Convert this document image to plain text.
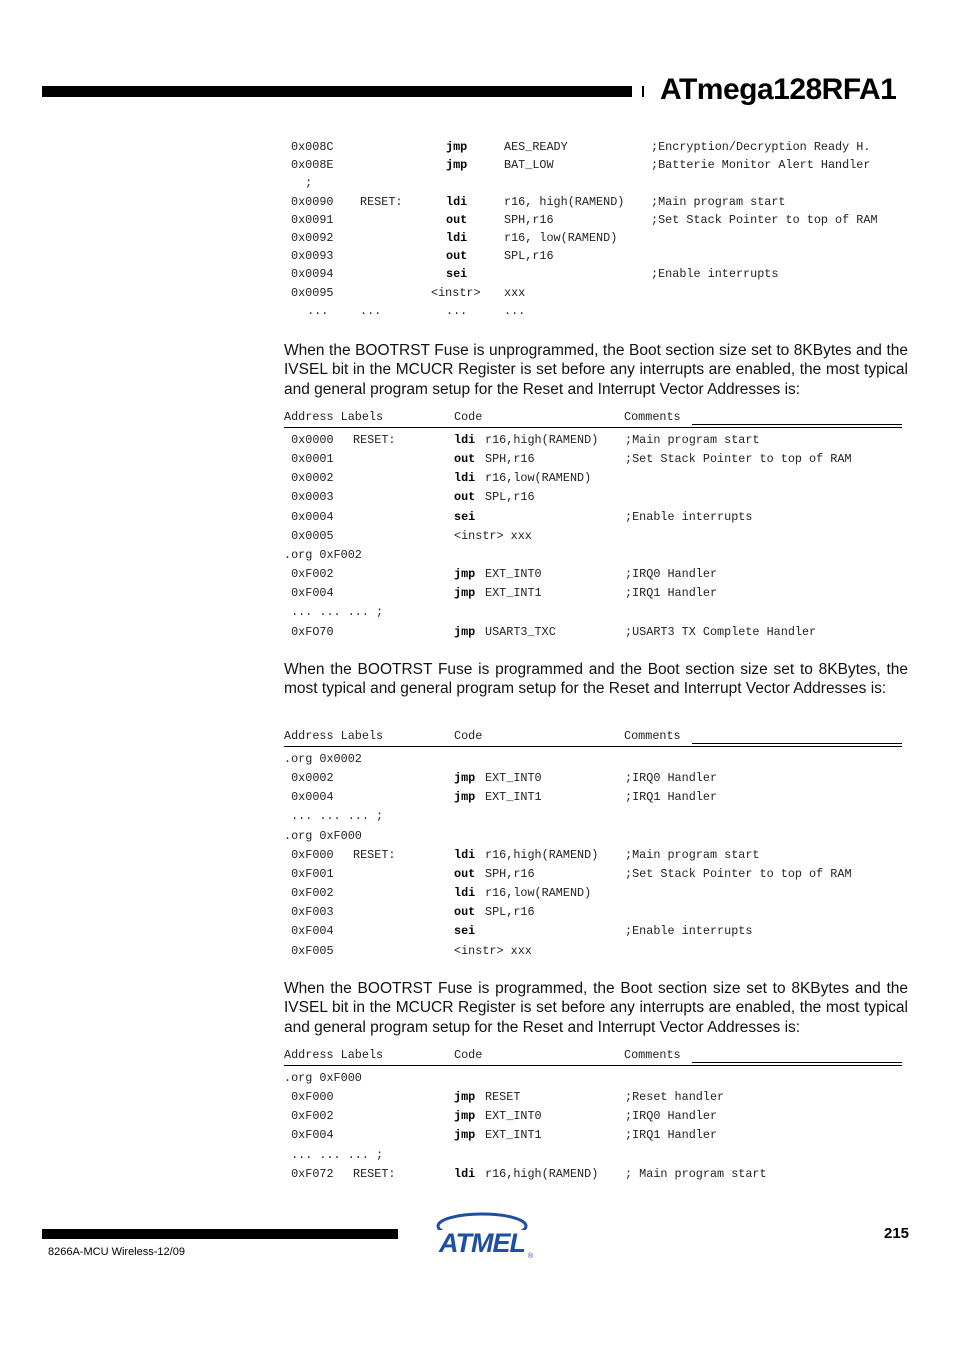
ATmega128RFA1
0x008C	jmp	AES_READY	;Encryption/Decryption Ready H.
0x008E	jmp	BAT_LOW	;Batterie Monitor Alert Handler
;
0x0090 RESET:	ldi	r16, high(RAMEND) ;Main program start
0x0091	out	SPH,r16	;Set Stack Pointer to top of RAM
0x0092	ldi	r16, low(RAMEND)
0x0093	out	SPL,r16
0x0094	sei	;Enable interrupts
0x0095	<instr> xxx
...	...	...	...
When the BOOTRST Fuse is unprogrammed, the Boot section size set to 8KBytes and the IVSEL bit in the MCUCR Register is set before any interrupts are enabled, the most typical and general program setup for the Reset and Interrupt Vector Addresses is:
Address Labels	Code	Comments
0x0000 RESET:	ldi r16,high(RAMEND) ;Main program start
0x0001	out SPH,r16	;Set Stack Pointer to top of RAM
0x0002	ldi r16,low(RAMEND)
0x0003	out SPL,r16
0x0004	sei	;Enable interrupts
0x0005	<instr> xxx
.org 0xF002
0xF002	jmp EXT_INT0	;IRQ0 Handler
0xF004	jmp EXT_INT1	;IRQ1 Handler
... ... ... ;
0xFO70	jmp USART3_TXC	;USART3 TX Complete Handler
When the BOOTRST Fuse is programmed and the Boot section size set to 8KBytes, the most typical and general program setup for the Reset and Interrupt Vector Addresses is:
Address Labels	Code	Comments
.org 0x0002
0x0002	jmp EXT_INT0	;IRQ0 Handler
0x0004	jmp EXT_INT1	;IRQ1 Handler
... ... ... ;
.org 0xF000
0xF000 RESET:	ldi r16,high(RAMEND) ;Main program start
0xF001	out SPH,r16	;Set Stack Pointer to top of RAM
0xF002	ldi r16,low(RAMEND)
0xF003	out SPL,r16
0xF004	sei	;Enable interrupts
0xF005	<instr> xxx
When the BOOTRST Fuse is programmed, the Boot section size set to 8KBytes and the IVSEL bit in the MCUCR Register is set before any interrupts are enabled, the most typical and general program setup for the Reset and Interrupt Vector Addresses is:
Address Labels	Code	Comments
.org 0xF000
0xF000	jmp RESET	;Reset handler
0xF002	jmp EXT_INT0	;IRQ0 Handler
0xF004	jmp EXT_INT1	;IRQ1 Handler
... ... ... ;
0xF072 RESET:	ldi r16,high(RAMEND) ; Main program start
8266A-MCU Wireless-12/09
215
ATMEL ®
